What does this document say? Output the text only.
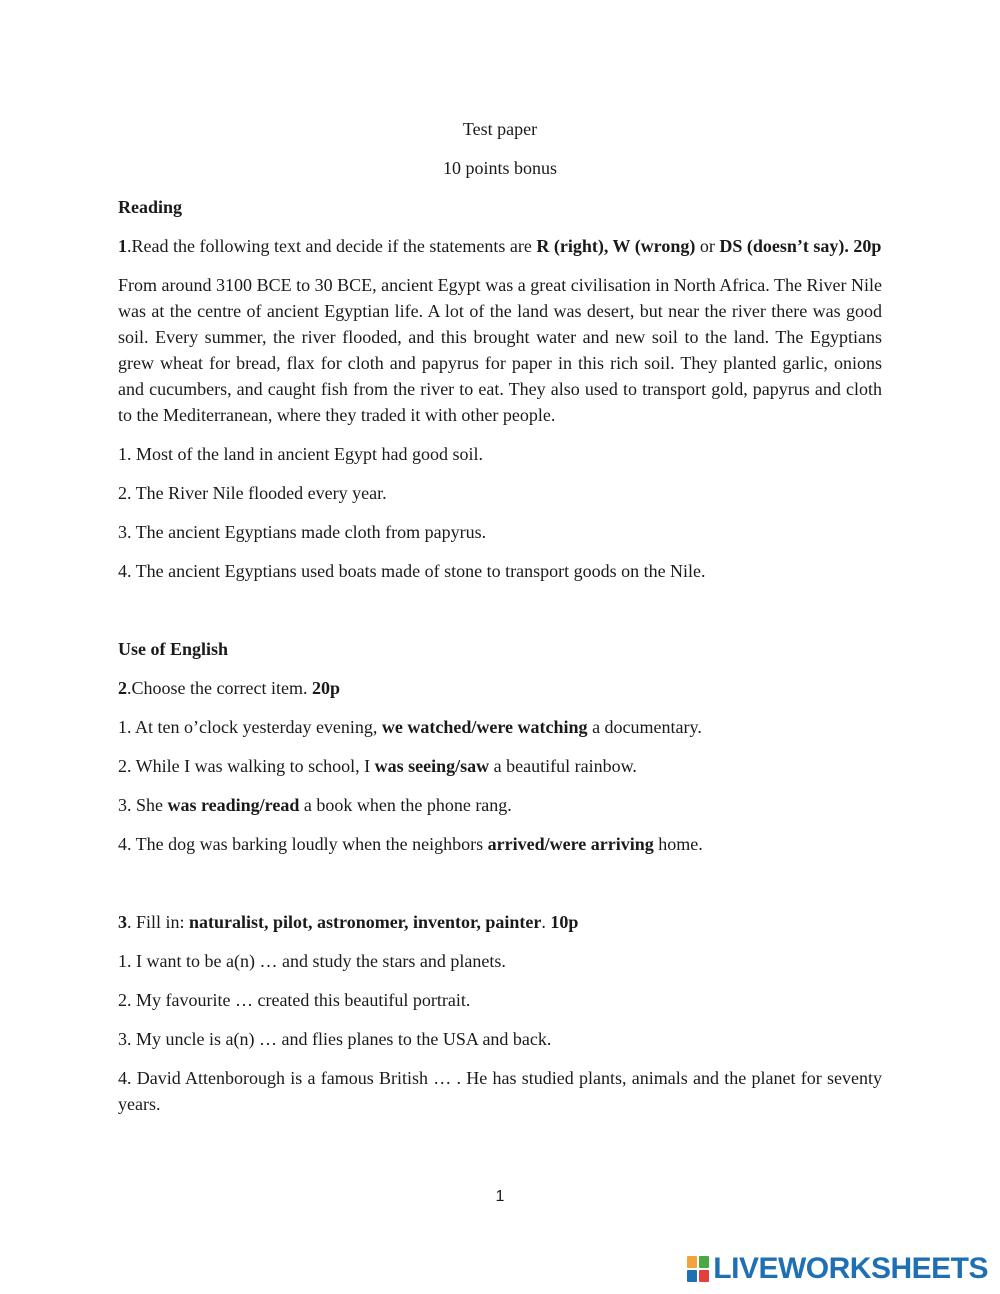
Test paper

10 points bonus

Reading

1.Read the following text and decide if the statements are R (right), W (wrong) or DS (doesn’t say). 20p

From around 3100 BCE to 30 BCE, ancient Egypt was a great civilisation in North Africa. The River Nile was at the centre of ancient Egyptian life. A lot of the land was desert, but near the river there was good soil. Every summer, the river flooded, and this brought water and new soil to the land. The Egyptians grew wheat for bread, flax for cloth and papyrus for paper in this rich soil. They planted garlic, onions and cucumbers, and caught fish from the river to eat. They also used to transport gold, papyrus and cloth to the Mediterranean, where they traded it with other people.

1. Most of the land in ancient Egypt had good soil.

2. The River Nile flooded every year.

3. The ancient Egyptians made cloth from papyrus.

4. The ancient Egyptians used boats made of stone to transport goods on the Nile.

Use of English

2.Choose the correct item. 20p

1. At ten o’clock yesterday evening, we watched/were watching a documentary.

2. While I was walking to school, I was seeing/saw a beautiful rainbow.

3. She was reading/read a book when the phone rang.

4. The dog was barking loudly when the neighbors arrived/were arriving home.

3. Fill in: naturalist, pilot, astronomer, inventor, painter. 10p

1. I want to be a(n) … and study the stars and planets.

2. My favourite … created this beautiful portrait.

3. My uncle is a(n) … and flies planes to the USA and back.

4. David Attenborough is a famous British … . He has studied plants, animals and the planet for seventy years.

1
LIVEWORKSHEETS
